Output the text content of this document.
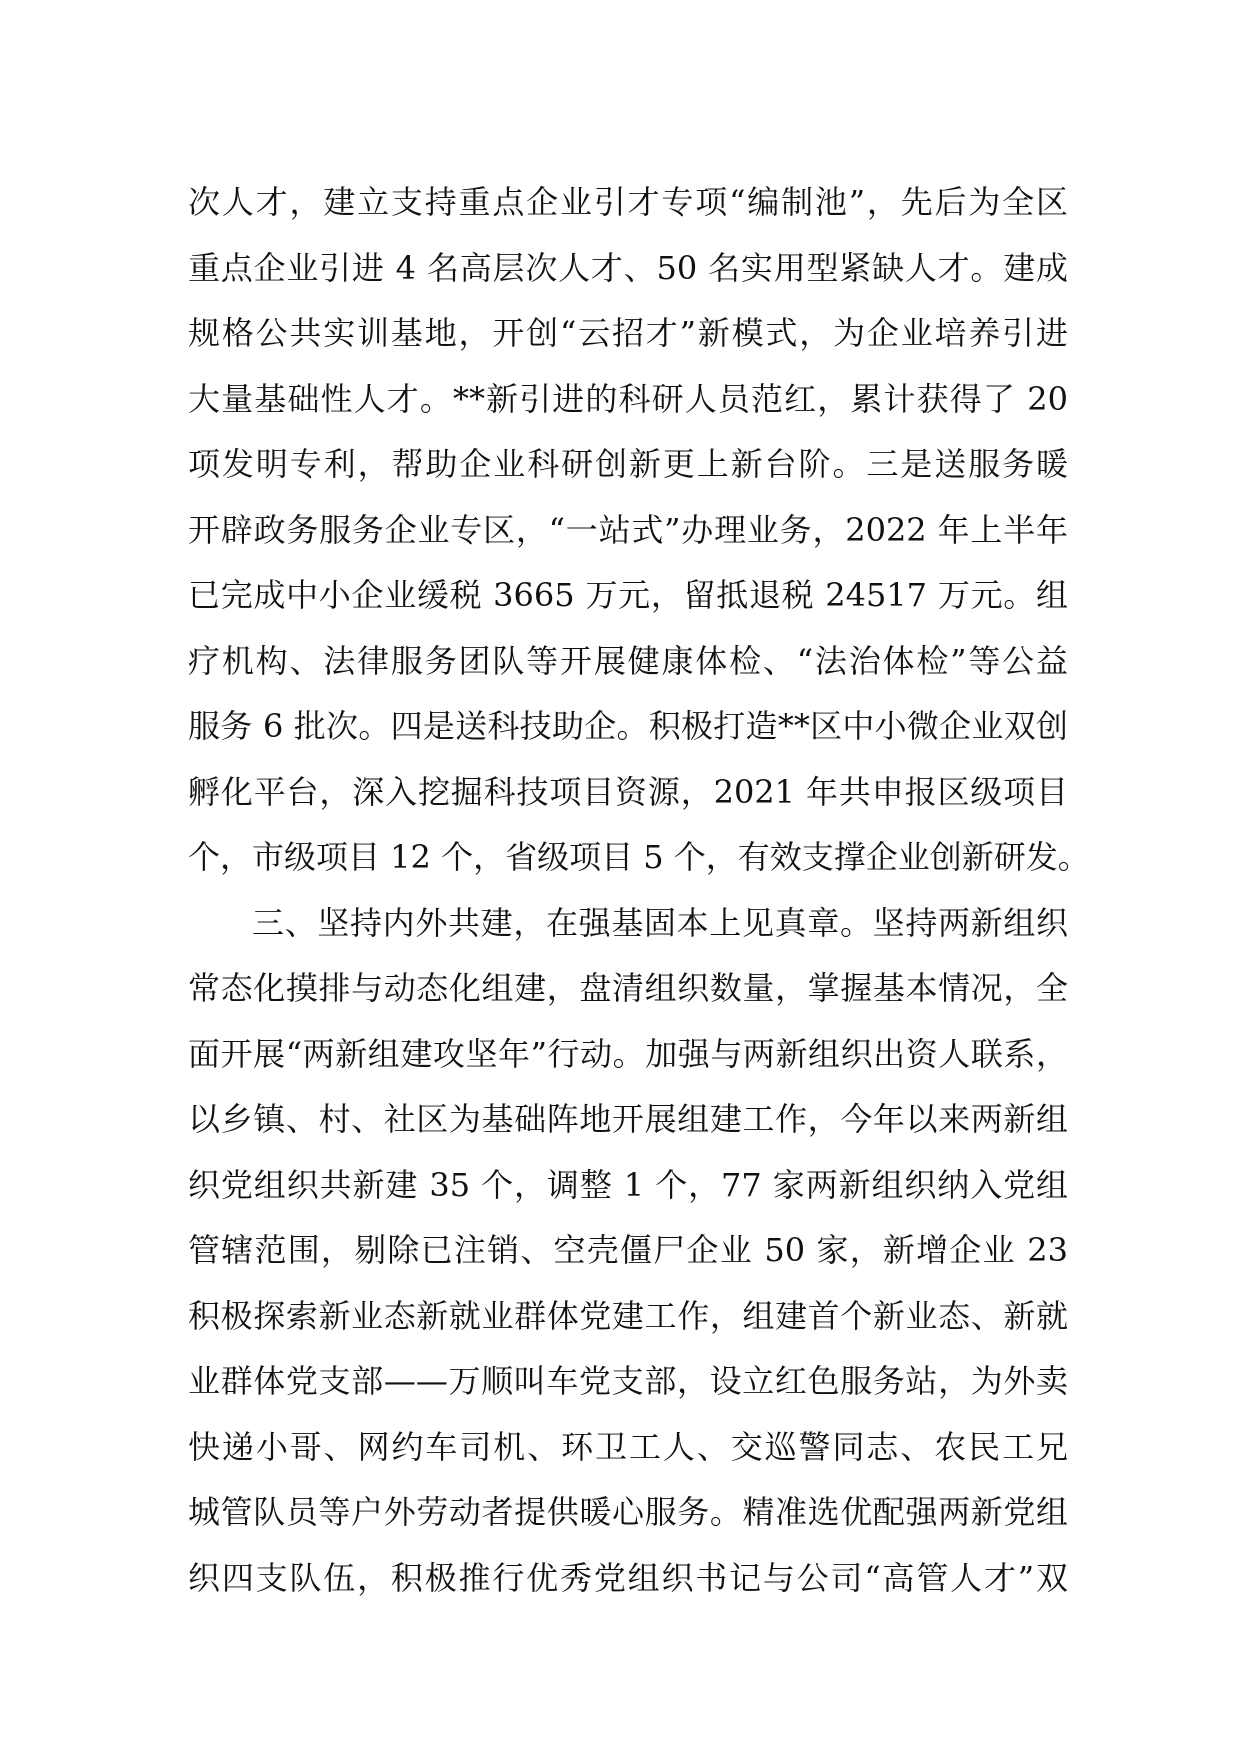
次人才，建立支持重点企业引才专项“编制池”，先后为全区
重点企业引进 4 名高层次人才、50 名实用型紧缺人才。建成
规格公共实训基地，开创“云招才”新模式，为企业培养引进
大量基础性人才。**新引进的科研人员范红，累计获得了 20
项发明专利，帮助企业科研创新更上新台阶。三是送服务暖
开辟政务服务企业专区，“一站式”办理业务，2022 年上半年
已完成中小企业缓税 3665 万元，留抵退税 24517 万元。组
疗机构、法律服务团队等开展健康体检、“法治体检”等公益
服务 6 批次。四是送科技助企。积极打造**区中小微企业双创
孵化平台，深入挖掘科技项目资源，2021 年共申报区级项目
个，市级项目 12 个，省级项目 5 个，有效支撑企业创新研发。
三、坚持内外共建，在强基固本上见真章。坚持两新组织
常态化摸排与动态化组建，盘清组织数量，掌握基本情况，全
面开展“两新组建攻坚年”行动。加强与两新组织出资人联系，
以乡镇、村、社区为基础阵地开展组建工作，今年以来两新组
织党组织共新建 35 个，调整 1 个，77 家两新组织纳入党组
管辖范围，剔除已注销、空壳僵尸企业 50 家，新增企业 23
积极探索新业态新就业群体党建工作，组建首个新业态、新就
业群体党支部——万顺叫车党支部，设立红色服务站，为外卖
快递小哥、网约车司机、环卫工人、交巡警同志、农民工兄
城管队员等户外劳动者提供暖心服务。精准选优配强两新党组
织四支队伍，积极推行优秀党组织书记与公司“高管人才”双
